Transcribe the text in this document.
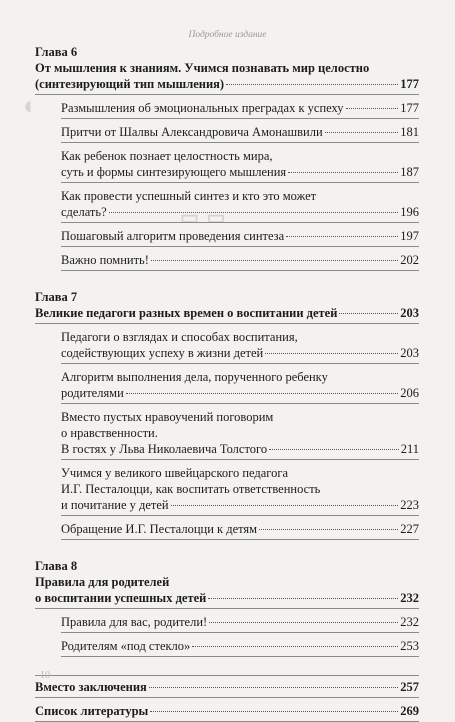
◖
▭ ▭
Подробное издание
Глава 6
От мышления к знаниям. Учимся познавать мир целостно
(синтезирующий тип мышления)	177
Размышления об эмоциональных преградах к успеху	177
Притчи от Шалвы Александровича Амонашвили	181
Как ребенок познает целостность мира,
суть и формы синтезирующего мышления	187
Как провести успешный синтез и кто это может
сделать?	196
Пошаговый алгоритм проведения синтеза	197
Важно помнить!	202
Глава 7
Великие педагоги разных времен о воспитании детей	203
Педагоги о взглядах и способах воспитания,
содействующих успеху в жизни детей	203
Алгоритм выполнения дела, порученного ребенку
родителями	206
Вместо пустых нравоучений поговорим
о нравственности.
В гостях у Льва Николаевича Толстого	211
Учимся у великого швейцарского педагога
И.Г. Песталоцци, как воспитать ответственность
и почитание у детей	223
Обращение И.Г. Песталоцци к детям	227
Глава 8
Правила для родителей
о воспитании успешных детей	232
Правила для вас, родители!	232
Родителям «под стекло»	253
Вместо заключения	257
Список литературы	269
10
